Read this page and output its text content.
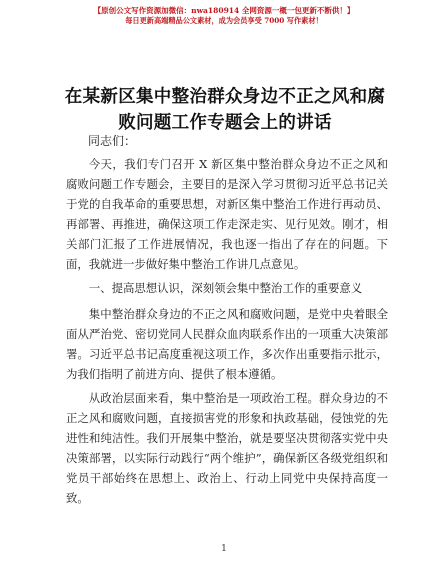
【原创公文写作资源加微信：nwa180914 全网资源一概一包更新不断供！】
每日更新高端精品公文素材，成为会员享受 7000 写作素材！
在某新区集中整治群众身边不正之风和腐败问题工作专题会上的讲话
同志们：

今天，我们专门召开 X 新区集中整治群众身边不正之风和腐败问题工作专题会，主要目的是深入学习贯彻习近平总书记关于党的自我革命的重要思想，对新区集中整治工作进行再动员、再部署、再推进，确保这项工作走深走实、见行见效。刚才，相关部门汇报了工作进展情况，我也逐一指出了存在的问题。下面，我就进一步做好集中整治工作讲几点意见。

一、提高思想认识，深刻领会集中整治工作的重要意义

集中整治群众身边的不正之风和腐败问题，是党中央着眼全面从严治党、密切党同人民群众血肉联系作出的一项重大决策部署。习近平总书记高度重视这项工作，多次作出重要指示批示，为我们指明了前进方向、提供了根本遵循。

从政治层面来看，集中整治是一项政治工程。群众身边的不正之风和腐败问题，直接损害党的形象和执政基础，侵蚀党的先进性和纯洁性。我们开展集中整治，就是要坚决贯彻落实党中央决策部署，以实际行动践行“两个维护”，确保新区各级党组织和党员干部始终在思想上、政治上、行动上同党中央保持高度一致。

1
